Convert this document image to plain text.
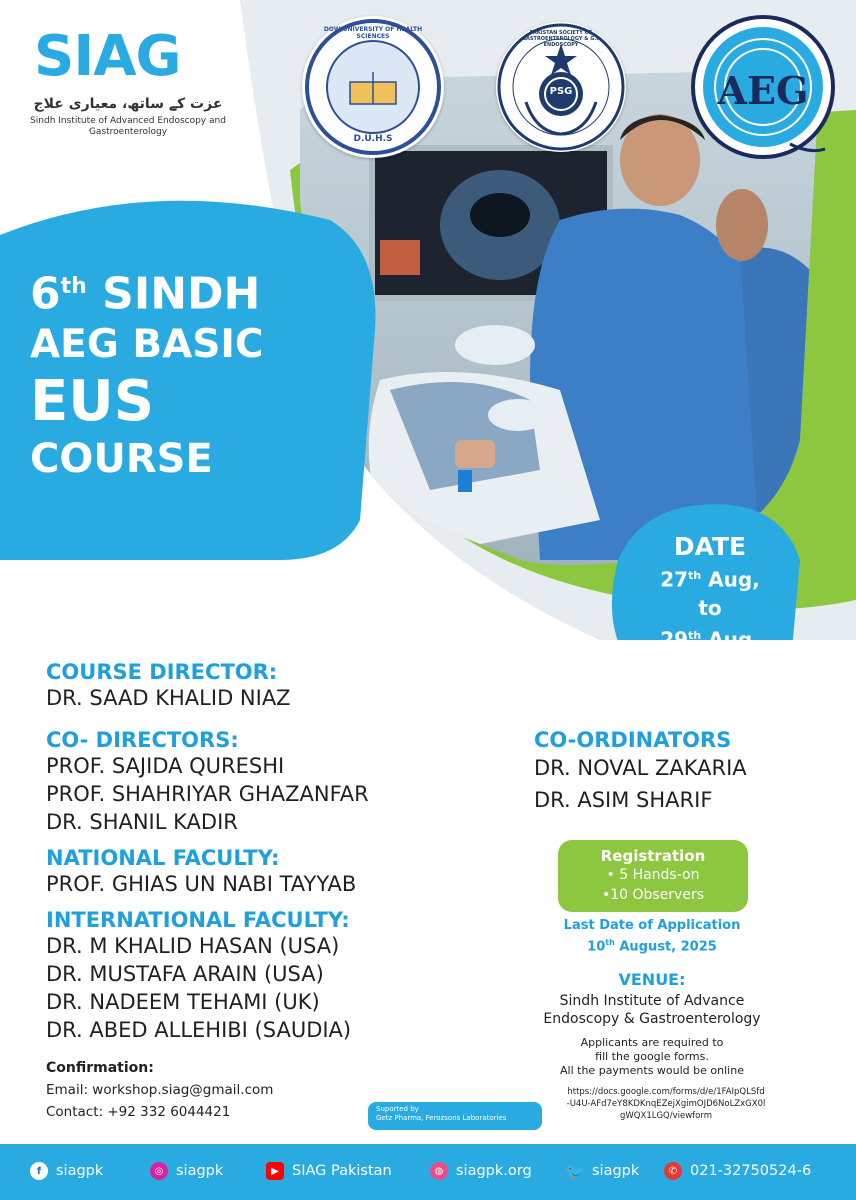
SIAG
عزت کے ساتھ، معیاری علاج
Sindh Institute of Advanced Endoscopy and Gastroenterology
D.U.H.S
DOW UNIVERSITY OF HEALTH SCIENCES
PSG
PAKISTAN SOCIETY OF GASTROENTEROLOGY & G.I. ENDOSCOPY
AEG
6th SINDH
AEG BASIC
EUS
COURSE
DATE
27th Aug,
to
29th Aug,
2025
COURSE DIRECTOR:
DR. SAAD KHALID NIAZ
CO- DIRECTORS:
PROF. SAJIDA QURESHI
PROF. SHAHRIYAR GHAZANFAR
DR. SHANIL KADIR
NATIONAL FACULTY:
PROF. GHIAS UN NABI TAYYAB
INTERNATIONAL FACULTY:
DR. M KHALID HASAN (USA)
DR. MUSTAFA ARAIN (USA)
DR. NADEEM TEHAMI (UK)
DR. ABED ALLEHIBI (SAUDIA)
CO-ORDINATORS
DR. NOVAL ZAKARIA
DR. ASIM SHARIF
Registration
• 5 Hands-on
•10 Observers
Last Date of Application
10th August, 2025
VENUE:
Sindh Institute of Advance
Endoscopy & Gastroenterology
Applicants are required to
fill the google forms.
All the payments would be online
https://docs.google.com/forms/d/e/1FAIpQLSfd-U4U-AFd7eY8KDKnqEZejXgimOJD6NoLZxGX0lgWQX1LGQ/viewform
Confirmation:
Email: workshop.siag@gmail.com
Contact: +92 332 6044421	Suported by
Getz Pharma, Ferozsons Laboratories
f	siagpk	◎ siagpk	▶ SIAG Pakistan	◍ siagpk.org 🐦 siagpk	✆ 021-32750524-6
